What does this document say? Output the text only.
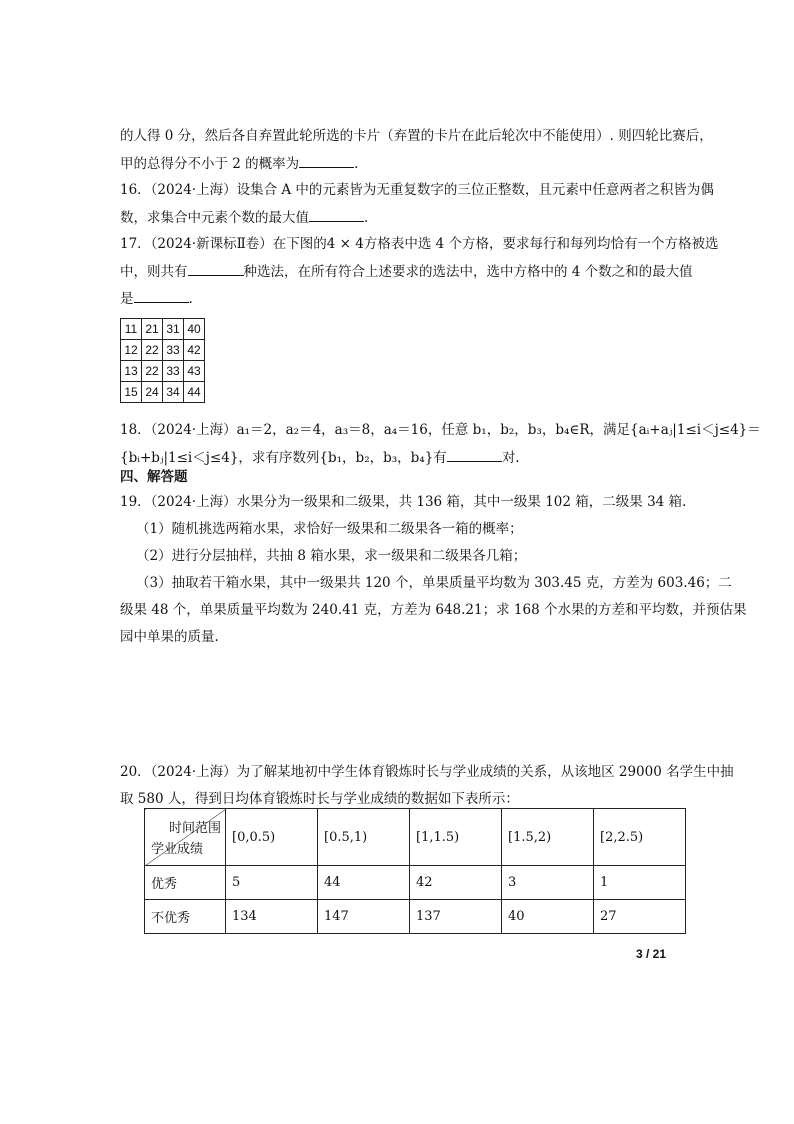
的人得 0 分，然后各自弃置此轮所选的卡片（弃置的卡片在此后轮次中不能使用）. 则四轮比赛后，
甲的总得分不小于 2 的概率为	.
16．（2024·上海）设集合 A 中的元素皆为无重复数字的三位正整数，且元素中任意两者之积皆为偶
数，求集合中元素个数的最大值	.
17．（2024·新课标Ⅱ卷）在下图的4 × 4方格表中选 4 个方格，要求每行和每列均恰有一个方格被选
中，则共有	种选法，在所有符合上述要求的选法中，选中方格中的 4 个数之和的最大值
是	.
11	21	31	40
12	22	33	42
13	22	33	43
15	24	34	44
18．（2024·上海）a₁＝2，a₂＝4，a₃＝8，a₄＝16，任意 b₁，b₂，b₃，b₄∈R，满足{aᵢ+aⱼ|1≤i＜j≤4}＝
{bᵢ+bⱼ|1≤i＜j≤4}，求有序数列{b₁，b₂，b₃，b₄}有	对.
四、解答题
19．（2024·上海）水果分为一级果和二级果，共 136 箱，其中一级果 102 箱，二级果 34 箱.
（1）随机挑选两箱水果，求恰好一级果和二级果各一箱的概率；
（2）进行分层抽样，共抽 8 箱水果，求一级果和二级果各几箱；
（3）抽取若干箱水果，其中一级果共 120 个，单果质量平均数为 303.45 克，方差为 603.46；二
级果 48 个，单果质量平均数为 240.41 克，方差为 648.21；求 168 个水果的方差和平均数，并预估果
园中单果的质量.
20．（2024·上海）为了解某地初中学生体育锻炼时长与学业成绩的关系，从该地区 29000 名学生中抽
取 580 人，得到日均体育锻炼时长与学业成绩的数据如下表所示：
时间范围
学业成绩	[0,0.5)	[0.5,1)	[1,1.5)	[1.5,2)	[2,2.5)
优秀	5	44	42	3	1
不优秀	134	147	137	40	27
3 / 21
